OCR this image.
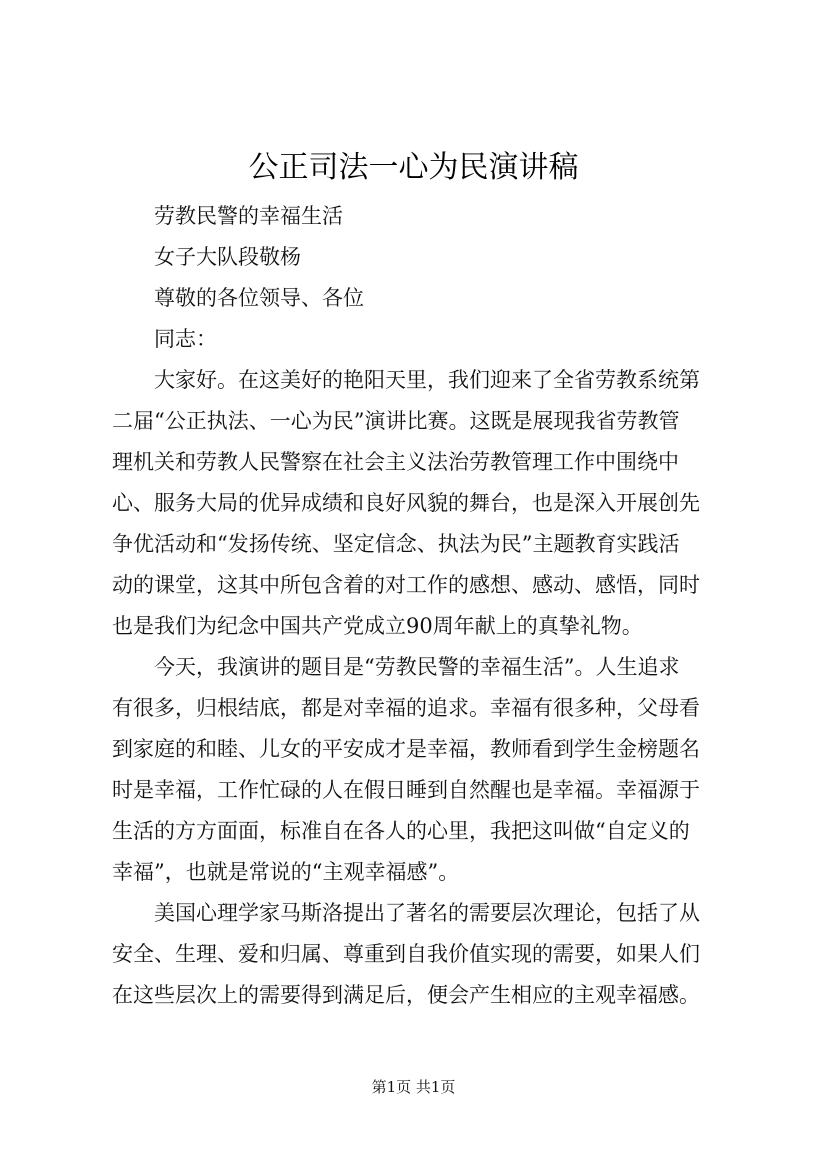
公正司法一心为民演讲稿
劳教民警的幸福生活
女子大队段敬杨
尊敬的各位领导、各位
同志：
大家好。在这美好的艳阳天里，我们迎来了全省劳教系统第
二届“公正执法、一心为民”演讲比赛。这既是展现我省劳教管
理机关和劳教人民警察在社会主义法治劳教管理工作中围绕中
心、服务大局的优异成绩和良好风貌的舞台，也是深入开展创先
争优活动和“发扬传统、坚定信念、执法为民”主题教育实践活
动的课堂，这其中所包含着的对工作的感想、感动、感悟，同时
也是我们为纪念中国共产党成立90周年献上的真挚礼物。
今天，我演讲的题目是“劳教民警的幸福生活”。人生追求
有很多，归根结底，都是对幸福的追求。幸福有很多种，父母看
到家庭的和睦、儿女的平安成才是幸福，教师看到学生金榜题名
时是幸福，工作忙碌的人在假日睡到自然醒也是幸福。幸福源于
生活的方方面面，标准自在各人的心里，我把这叫做“自定义的
幸福”，也就是常说的“主观幸福感”。
美国心理学家马斯洛提出了著名的需要层次理论，包括了从
安全、生理、爱和归属、尊重到自我价值实现的需要，如果人们
在这些层次上的需要得到满足后，便会产生相应的主观幸福感。
第1页 共1页
